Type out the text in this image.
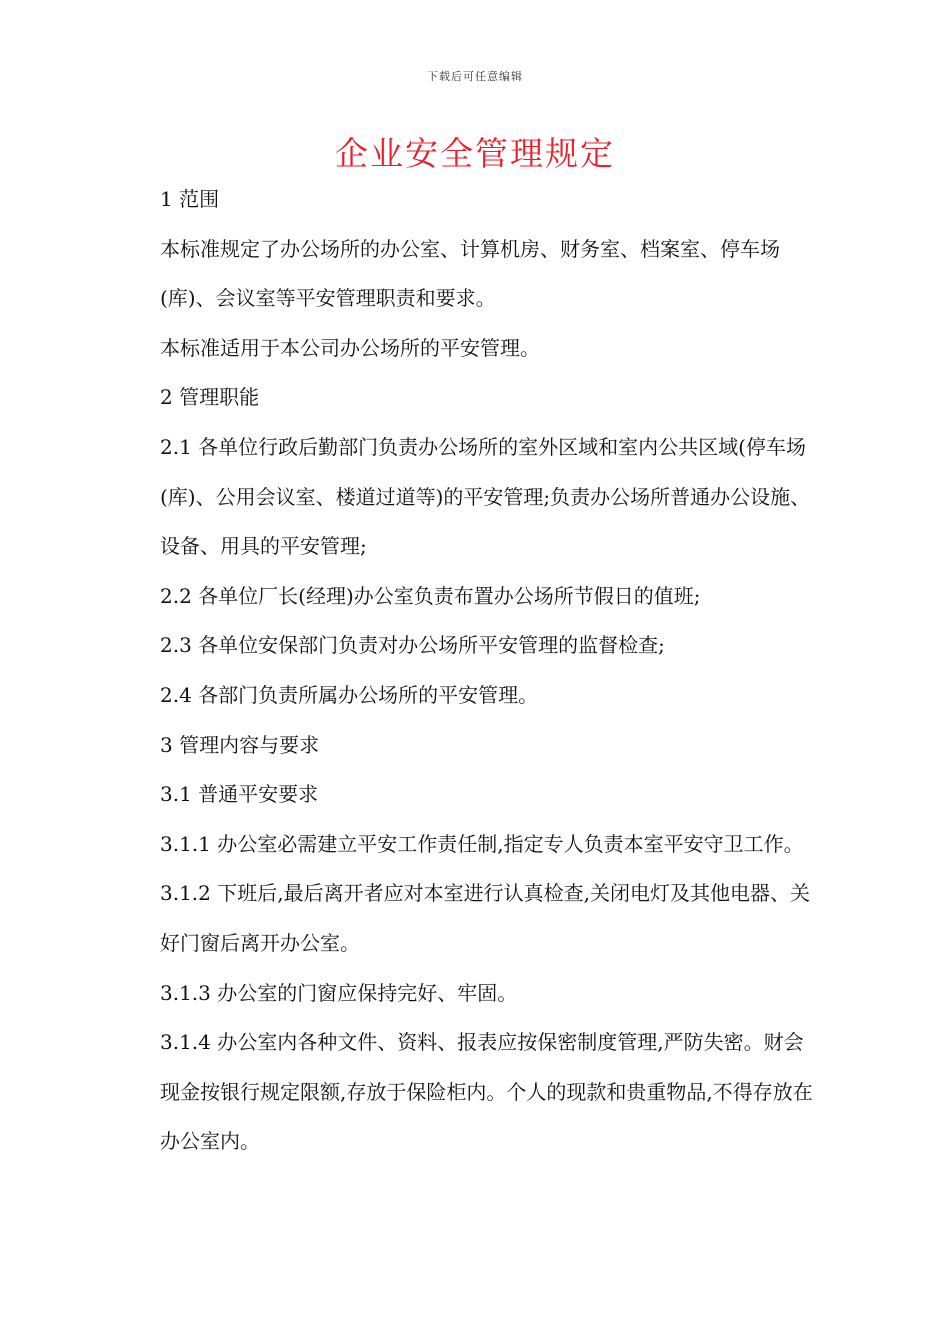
下载后可任意编辑
企业安全管理规定

1 范围

本标准规定了办公场所的办公室、计算机房、财务室、档案室、停车场(库)、会议室等平安管理职责和要求。

本标准适用于本公司办公场所的平安管理。

2 管理职能

2.1 各单位行政后勤部门负责办公场所的室外区域和室内公共区域(停车场(库)、公用会议室、楼道过道等)的平安管理;负责办公场所普通办公设施、设备、用具的平安管理;

2.2 各单位厂长(经理)办公室负责布置办公场所节假日的值班;

2.3 各单位安保部门负责对办公场所平安管理的监督检查;

2.4 各部门负责所属办公场所的平安管理。

3 管理内容与要求

3.1 普通平安要求

3.1.1 办公室必需建立平安工作责任制,指定专人负责本室平安守卫工作。

3.1.2 下班后,最后离开者应对本室进行认真检查,关闭电灯及其他电器、关好门窗后离开办公室。

3.1.3 办公室的门窗应保持完好、牢固。

3.1.4 办公室内各种文件、资料、报表应按保密制度管理,严防失密。财会现金按银行规定限额,存放于保险柜内。个人的现款和贵重物品,不得存放在办公室内。
